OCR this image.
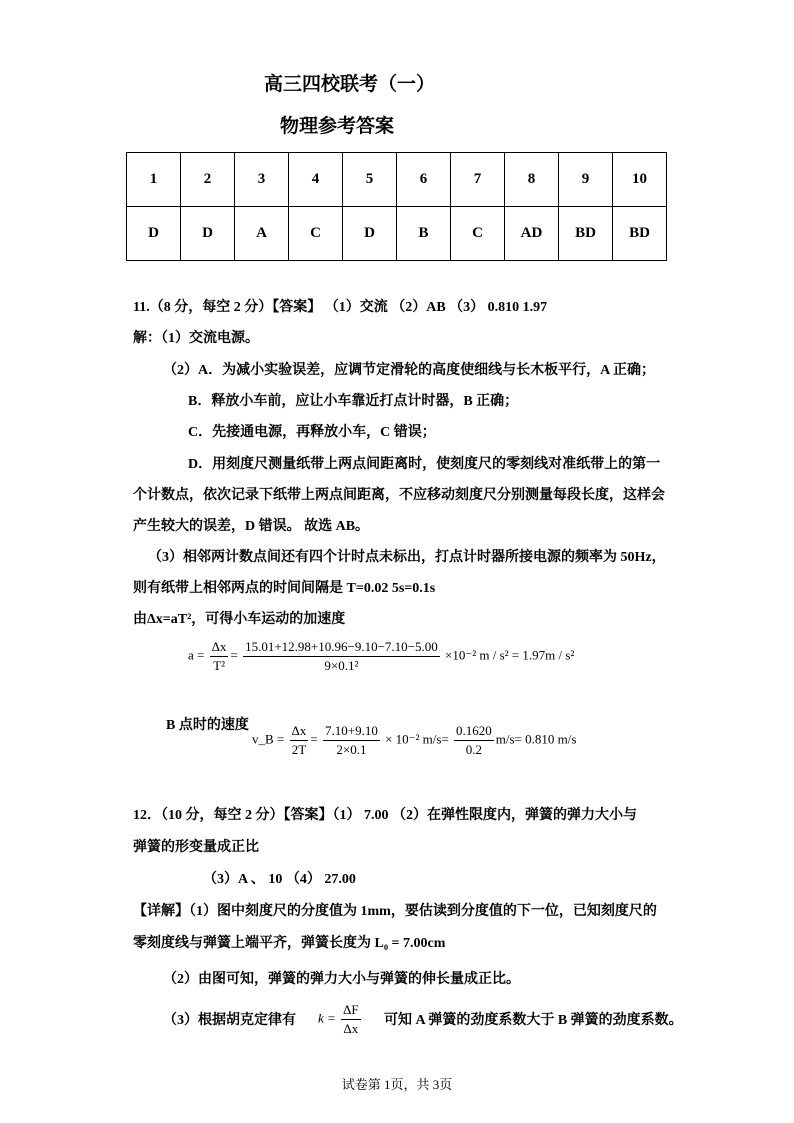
高三四校联考（一）
物理参考答案
1	2	3	4	5	6	7	8	9	10
D	D	A	C	D	B	C	AD	BD	BD
11.（8 分，每空 2 分）【答案】 （1）交流 （2）AB （3） 0.810 1.97
解：（1）交流电源。
（2）A．为减小实验误差，应调节定滑轮的高度使细线与长木板平行，A 正确；
B．释放小车前，应让小车靠近打点计时器，B 正确；
C．先接通电源，再释放小车，C 错误；
D．用刻度尺测量纸带上两点间距离时，使刻度尺的零刻线对准纸带上的第一
个计数点，依次记录下纸带上两点间距离，不应移动刻度尺分别测量每段长度，这样会
产生较大的误差，D 错误。 故选 AB。
（3）相邻两计数点间还有四个计时点未标出，打点计时器所接电源的频率为 50Hz，
则有纸带上相邻两点的时间间隔是 T=0.02 5s=0.1s
由Δx=aT²，可得小车运动的加速度
$a = \frac{\Delta x}{\text{T²}} = \frac{15.01+12.98+10.96-9.10-7.10-5.00}{\text{9×0.1²}} \times 10^{-2}$ m / s² = 1.97m / s²
B 点时的速度
v_B = $\frac{\Delta x}{2T} = \frac{7.10+9.10}{2\times 0.1} \times 10^{-2}$ $m/s= \frac{0.1620}{0.2} m/s= 0.810$ m/s
12．（10 分，每空 2 分）【答案】（1） 7.00 （2）在弹性限度内，弹簧的弹力大小与
弹簧的形变量成正比
（3）A 、 10 （4） 27.00
【详解】（1）图中刻度尺的分度值为 1mm，要估读到分度值的下一位，已知刻度尺的
零刻度线与弹簧上端平齐，弹簧长度为 L₀ = 7.00cm
（2）由图可知，弹簧的弹力大小与弹簧的伸长量成正比。
（3）根据胡克定律有 $k = \frac{\Delta F}{\Delta x}$ 可知 A 弹簧的劲度系数大于 B 弹簧的劲度系数。
试卷第 1页，共 3页
